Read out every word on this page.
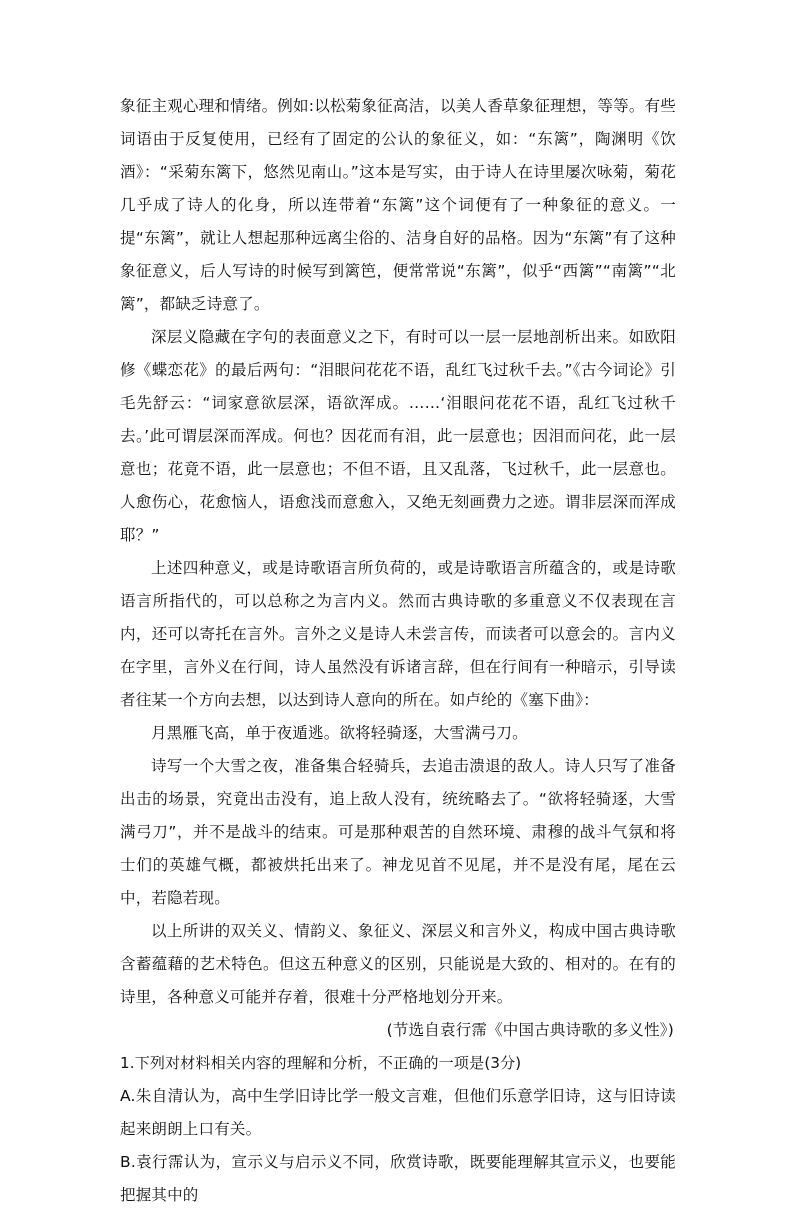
象征主观心理和情绪。例如:以松菊象征高洁，以美人香草象征理想，等等。有些词语由于反复使用，已经有了固定的公认的象征义，如：“东篱”，陶渊明《饮酒》：“采菊东篱下，悠然见南山。”这本是写实，由于诗人在诗里屡次咏菊，菊花几乎成了诗人的化身，所以连带着“东篱”这个词便有了一种象征的意义。一提“东篱”，就让人想起那种远离尘俗的、洁身自好的品格。因为“东篱”有了这种象征意义，后人写诗的时候写到篱笆，便常常说“东篱”，似乎“西篱”“南篱”“北篱”，都缺乏诗意了。

深层义隐藏在字句的表面意义之下，有时可以一层一层地剖析出来。如欧阳修《蝶恋花》的最后两句：“泪眼问花花不语，乱红飞过秋千去。”《古今词论》引毛先舒云：“词家意欲层深，语欲浑成。……‘泪眼问花花不语，乱红飞过秋千去。’此可谓层深而浑成。何也？因花而有泪，此一层意也；因泪而问花，此一层意也；花竟不语，此一层意也；不但不语，且又乱落，飞过秋千，此一层意也。人愈伤心，花愈恼人，语愈浅而意愈入，又绝无刻画费力之迹。谓非层深而浑成耶？”

上述四种意义，或是诗歌语言所负荷的，或是诗歌语言所蕴含的，或是诗歌语言所指代的，可以总称之为言内义。然而古典诗歌的多重意义不仅表现在言内，还可以寄托在言外。言外之义是诗人未尝言传，而读者可以意会的。言内义在字里，言外义在行间，诗人虽然没有诉诸言辞，但在行间有一种暗示，引导读者往某一个方向去想，以达到诗人意向的所在。如卢纶的《塞下曲》：

月黑雁飞高，单于夜遁逃。欲将轻骑逐，大雪满弓刀。

诗写一个大雪之夜，准备集合轻骑兵，去追击溃退的敌人。诗人只写了准备出击的场景，究竟出击没有，追上敌人没有，统统略去了。“欲将轻骑逐，大雪满弓刀”，并不是战斗的结束。可是那种艰苦的自然环境、肃穆的战斗气氛和将士们的英雄气概，都被烘托出来了。神龙见首不见尾，并不是没有尾，尾在云中，若隐若现。

以上所讲的双关义、情韵义、象征义、深层义和言外义，构成中国古典诗歌含蓄蕴藉的艺术特色。但这五种意义的区别，只能说是大致的、相对的。在有的诗里，各种意义可能并存着，很难十分严格地划分开来。

(节选自袁行霈《中国古典诗歌的多义性》)

1.下列对材料相关内容的理解和分析，不正确的一项是(3分)

A.朱自清认为，高中生学旧诗比学一般文言难，但他们乐意学旧诗，这与旧诗读起来朗朗上口有关。

B.袁行霈认为，宣示义与启示义不同，欣赏诗歌，既要能理解其宣示义，也要能把握其中的
